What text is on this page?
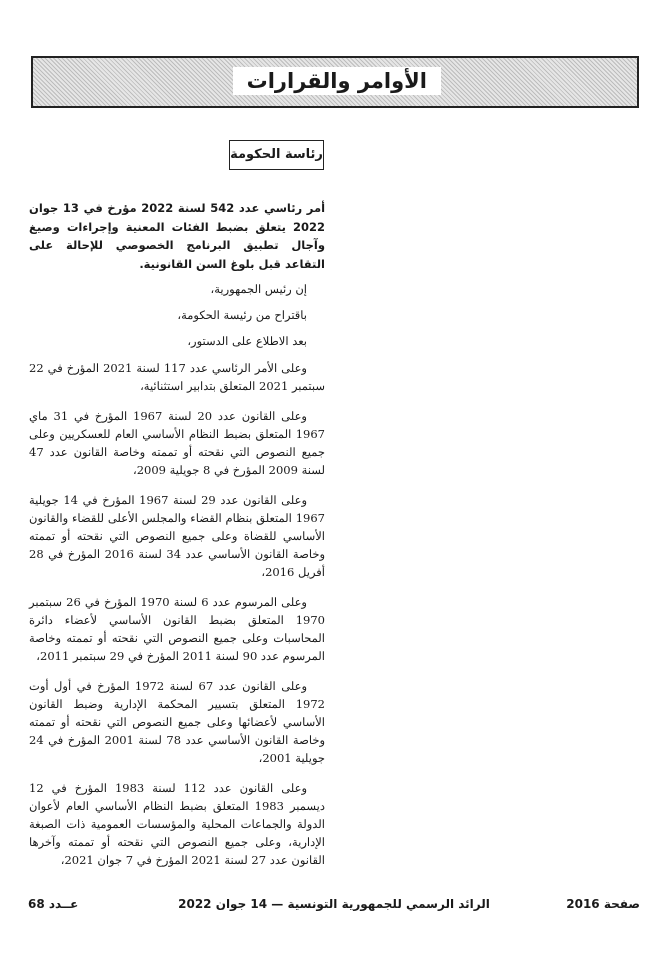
الأوامر والقرارات
رئاسة الحكومة

أمر رئاسي عدد 542 لسنة 2022 مؤرخ في 13 جوان 2022 يتعلق بضبط الفئات المعنية وإجراءات وصيغ وآجال تطبيق البرنامج الخصوصي للإحالة على التقاعد قبل بلوغ السن القانونية.

إن رئيس الجمهورية،

باقتراح من رئيسة الحكومة،

بعد الاطلاع على الدستور،

وعلى الأمر الرئاسي عدد 117 لسنة 2021 المؤرخ في 22 سبتمبر 2021 المتعلق بتدابير استثنائية،

وعلى القانون عدد 20 لسنة 1967 المؤرخ في 31 ماي 1967 المتعلق بضبط النظام الأساسي العام للعسكريين وعلى جميع النصوص التي نقحته أو تممته وخاصة القانون عدد 47 لسنة 2009 المؤرخ في 8 جويلية 2009،

وعلى القانون عدد 29 لسنة 1967 المؤرخ في 14 جويلية 1967 المتعلق بنظام القضاء والمجلس الأعلى للقضاء والقانون الأساسي للقضاة وعلى جميع النصوص التي نقحته أو تممته وخاصة القانون الأساسي عدد 34 لسنة 2016 المؤرخ في 28 أفريل 2016،

وعلى المرسوم عدد 6 لسنة 1970 المؤرخ في 26 سبتمبر 1970 المتعلق بضبط القانون الأساسي لأعضاء دائرة المحاسبات وعلى جميع النصوص التي نقحته أو تممته وخاصة المرسوم عدد 90 لسنة 2011 المؤرخ في 29 سبتمبر 2011،

وعلى القانون عدد 67 لسنة 1972 المؤرخ في أول أوت 1972 المتعلق بتسيير المحكمة الإدارية وضبط القانون الأساسي لأعضائها وعلى جميع النصوص التي نقحته أو تممته وخاصة القانون الأساسي عدد 78 لسنة 2001 المؤرخ في 24 جويلية 2001،

وعلى القانون عدد 112 لسنة 1983 المؤرخ في 12 ديسمبر 1983 المتعلق بضبط النظام الأساسي العام لأعوان الدولة والجماعات المحلية والمؤسسات العمومية ذات الصبغة الإدارية، وعلى جميع النصوص التي نقحته أو تممته وآخرها القانون عدد 27 لسنة 2021 المؤرخ في 7 جوان 2021،

صفحة 2016
الرائد الرسمي للجمهورية التونسية — 14 جوان 2022
عــدد 68
